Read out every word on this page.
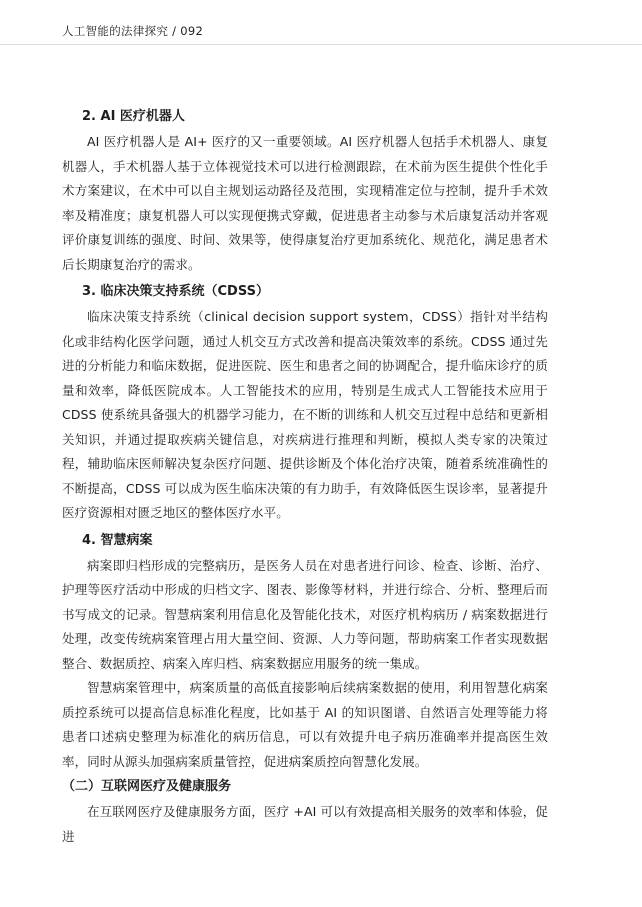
人工智能的法律探究 / 092
2. AI 医疗机器人

AI 医疗机器人是 AI+ 医疗的又一重要领域。AI 医疗机器人包括手术机器人、康复机器人，手术机器人基于立体视觉技术可以进行检测跟踪，在术前为医生提供个性化手术方案建议，在术中可以自主规划运动路径及范围，实现精准定位与控制，提升手术效率及精准度；康复机器人可以实现便携式穿戴，促进患者主动参与术后康复活动并客观评价康复训练的强度、时间、效果等，使得康复治疗更加系统化、规范化，满足患者术后长期康复治疗的需求。

3. 临床决策支持系统（CDSS）

临床决策支持系统（clinical decision support system，CDSS）指针对半结构化或非结构化医学问题，通过人机交互方式改善和提高决策效率的系统。CDSS 通过先进的分析能力和临床数据，促进医院、医生和患者之间的协调配合，提升临床诊疗的质量和效率，降低医院成本。人工智能技术的应用，特别是生成式人工智能技术应用于 CDSS 使系统具备强大的机器学习能力，在不断的训练和人机交互过程中总结和更新相关知识，并通过提取疾病关键信息，对疾病进行推理和判断，模拟人类专家的决策过程，辅助临床医师解决复杂医疗问题、提供诊断及个体化治疗决策，随着系统准确性的不断提高，CDSS 可以成为医生临床决策的有力助手，有效降低医生误诊率，显著提升医疗资源相对匮乏地区的整体医疗水平。

4. 智慧病案

病案即归档形成的完整病历，是医务人员在对患者进行问诊、检查、诊断、治疗、护理等医疗活动中形成的归档文字、图表、影像等材料，并进行综合、分析、整理后而书写成文的记录。智慧病案利用信息化及智能化技术，对医疗机构病历 / 病案数据进行处理，改变传统病案管理占用大量空间、资源、人力等问题，帮助病案工作者实现数据整合、数据质控、病案入库归档、病案数据应用服务的统一集成。

智慧病案管理中，病案质量的高低直接影响后续病案数据的使用，利用智慧化病案质控系统可以提高信息标准化程度，比如基于 AI 的知识图谱、自然语言处理等能力将患者口述病史整理为标准化的病历信息，可以有效提升电子病历准确率并提高医生效率，同时从源头加强病案质量管控，促进病案质控向智慧化发展。

（二）互联网医疗及健康服务

在互联网医疗及健康服务方面，医疗 +AI 可以有效提高相关服务的效率和体验，促进
